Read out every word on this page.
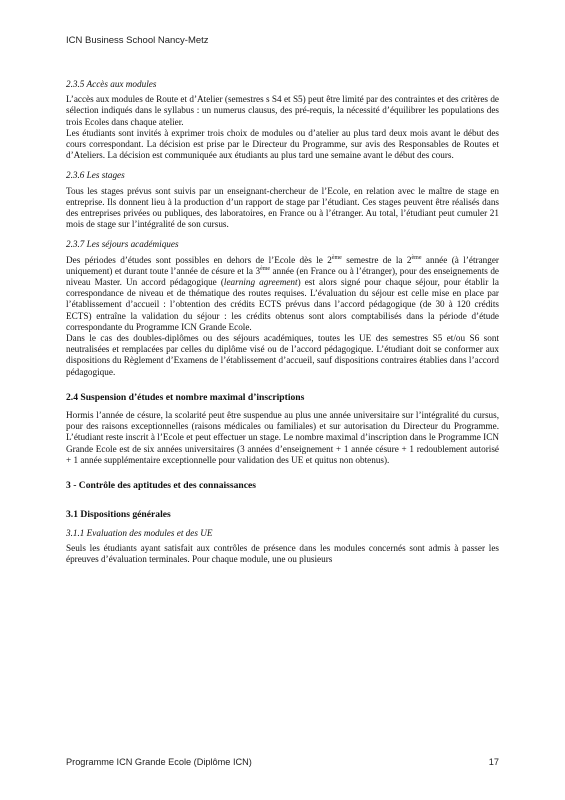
ICN Business School Nancy-Metz
2.3.5 Accès aux modules
L’accès aux modules de Route et d’Atelier (semestres s S4 et S5) peut être limité par des contraintes et des critères de sélection indiqués dans le syllabus : un numerus clausus, des pré-requis, la nécessité d’équilibrer les populations des trois Ecoles dans chaque atelier.
Les étudiants sont invités à exprimer trois choix de modules ou d’atelier au plus tard deux mois avant le début des cours correspondant. La décision est prise par le Directeur du Programme, sur avis des Responsables de Routes et d’Ateliers. La décision est communiquée aux étudiants au plus tard une semaine avant le début des cours.
2.3.6 Les stages
Tous les stages prévus sont suivis par un enseignant-chercheur de l’Ecole, en relation avec le maître de stage en entreprise. Ils donnent lieu à la production d’un rapport de stage par l’étudiant. Ces stages peuvent être réalisés dans des entreprises privées ou publiques, des laboratoires, en France ou à l’étranger. Au total, l’étudiant peut cumuler 21 mois de stage sur l’intégralité de son cursus.
2.3.7 Les séjours académiques
Des périodes d’études sont possibles en dehors de l’Ecole dès le 2ème semestre de la 2ème année (à l’étranger uniquement) et durant toute l’année de césure et la 3ème année (en France ou à l’étranger), pour des enseignements de niveau Master. Un accord pédagogique (learning agreement) est alors signé pour chaque séjour, pour établir la correspondance de niveau et de thématique des routes requises. L’évaluation du séjour est celle mise en place par l’établissement d’accueil : l’obtention des crédits ECTS prévus dans l’accord pédagogique (de 30 à 120 crédits ECTS) entraîne la validation du séjour : les crédits obtenus sont alors comptabilisés dans la période d’étude correspondante du Programme ICN Grande Ecole.
Dans le cas des doubles-diplômes ou des séjours académiques, toutes les UE des semestres S5 et/ou S6 sont neutralisées et remplacées par celles du diplôme visé ou de l’accord pédagogique. L’étudiant doit se conformer aux dispositions du Règlement d’Examens de l’établissement d’accueil, sauf dispositions contraires établies dans l’accord pédagogique.
2.4 Suspension d’études et nombre maximal d’inscriptions
Hormis l’année de césure, la scolarité peut être suspendue au plus une année universitaire sur l’intégralité du cursus, pour des raisons exceptionnelles (raisons médicales ou familiales) et sur autorisation du Directeur du Programme. L’étudiant reste inscrit à l’Ecole et peut effectuer un stage. Le nombre maximal d’inscription dans le Programme ICN Grande Ecole est de six années universitaires (3 années d’enseignement + 1 année césure + 1 redoublement autorisé + 1 année supplémentaire exceptionnelle pour validation des UE et quitus non obtenus).
3 - Contrôle des aptitudes et des connaissances
3.1 Dispositions générales
3.1.1 Evaluation des modules et des UE
Seuls les étudiants ayant satisfait aux contrôles de présence dans les modules concernés sont admis à passer les épreuves d’évaluation terminales. Pour chaque module, une ou plusieurs
Programme ICN Grande Ecole (Diplôme ICN)	17
